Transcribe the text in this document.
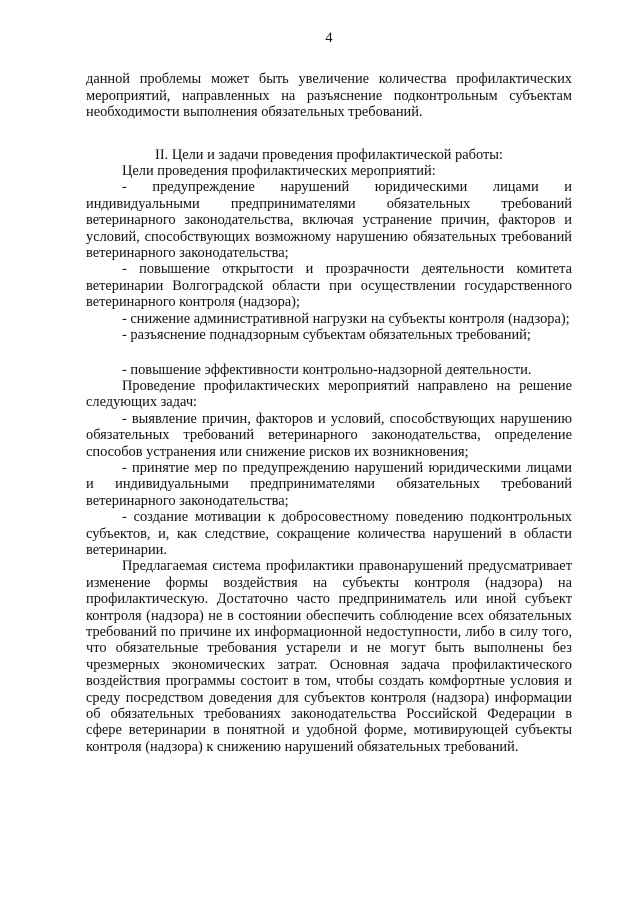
4

данной проблемы может быть увеличение количества профилактических мероприятий, направленных на разъяснение подконтрольным субъектам необходимости выполнения обязательных требований.

II. Цели и задачи проведения профилактической работы:

Цели проведения профилактических мероприятий:

- предупреждение нарушений юридическими лицами и индивидуальными предпринимателями обязательных требований ветеринарного законодательства, включая устранение причин, факторов и условий, способствующих возможному нарушению обязательных требований ветеринарного законодательства;

- повышение открытости и прозрачности деятельности комитета ветеринарии Волгоградской области при осуществлении государственного ветеринарного контроля (надзора);

- снижение административной нагрузки на субъекты контроля (надзора);

- разъяснение поднадзорным субъектам обязательных требований;

- повышение эффективности контрольно-надзорной деятельности.

Проведение профилактических мероприятий направлено на решение следующих задач:

- выявление причин, факторов и условий, способствующих нарушению обязательных требований ветеринарного законодательства, определение способов устранения или снижение рисков их возникновения;

- принятие мер по предупреждению нарушений юридическими лицами и индивидуальными предпринимателями обязательных требований ветеринарного законодательства;

- создание мотивации к добросовестному поведению подконтрольных субъектов, и, как следствие, сокращение количества нарушений в области ветеринарии.

Предлагаемая система профилактики правонарушений предусматривает изменение формы воздействия на субъекты контроля (надзора) на профилактическую. Достаточно часто предприниматель или иной субъект контроля (надзора) не в состоянии обеспечить соблюдение всех обязательных требований по причине их информационной недоступности, либо в силу того, что обязательные требования устарели и не могут быть выполнены без чрезмерных экономических затрат. Основная задача профилактического воздействия программы состоит в том, чтобы создать комфортные условия и среду посредством доведения для субъектов контроля (надзора) информации об обязательных требованиях законодательства Российской Федерации в сфере ветеринарии в понятной и удобной форме, мотивирующей субъекты контроля (надзора) к снижению нарушений обязательных требований.
